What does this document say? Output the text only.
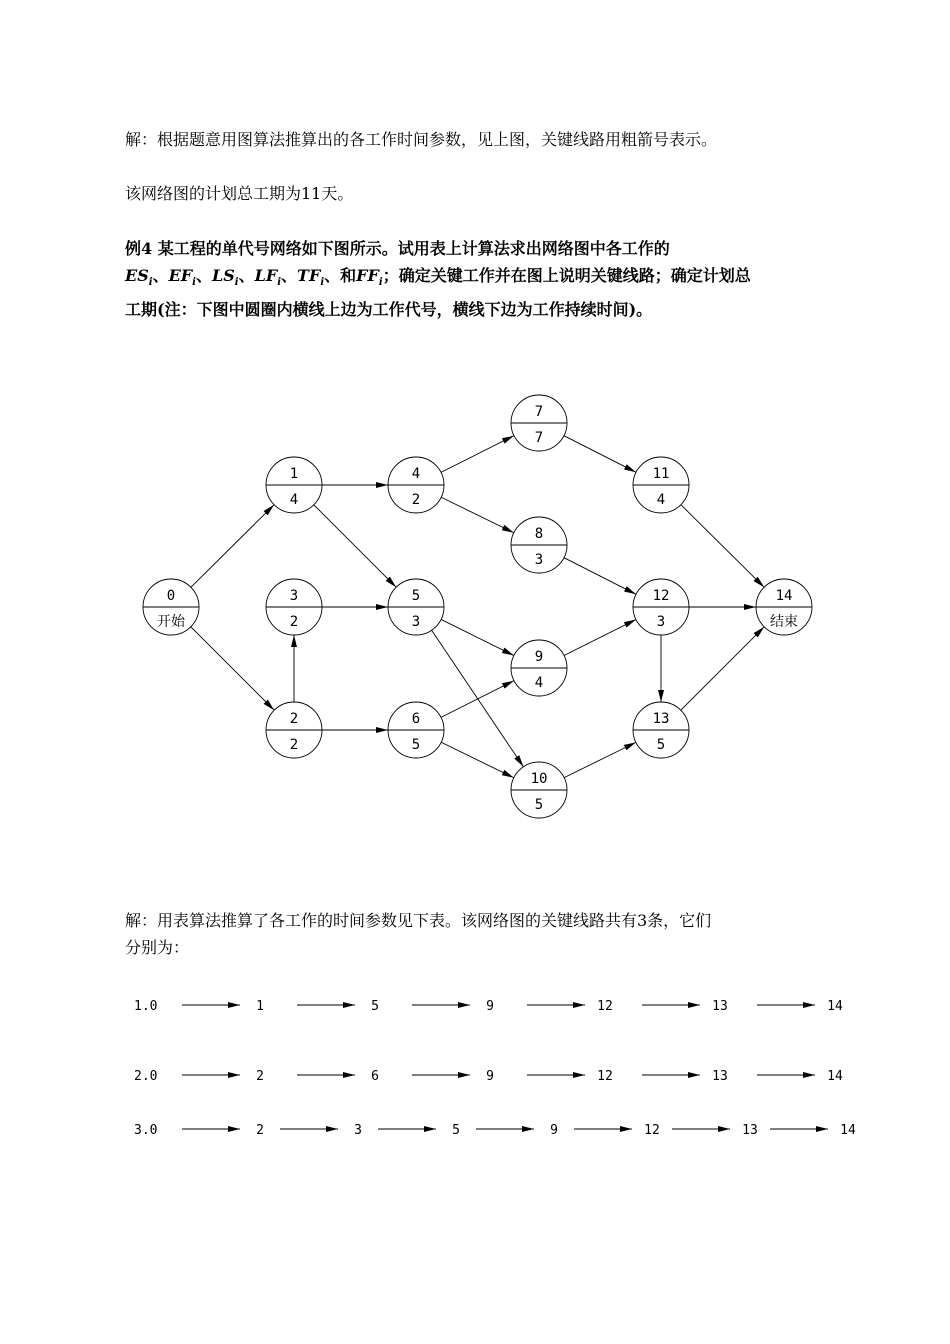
解：根据题意用图算法推算出的各工作时间参数，见上图，关键线路用粗箭号表示。

该网络图的计划总工期为11天。

例4 某工程的单代号网络如下图所示。试用表上计算法求出网络图中各工作的
$ES_i$、$EF_i$、$LS_i$、$LF_i$、$TF_i$、和$FF_i$；确定关键工作并在图上说明关键线路；确定计划总
工期(注：下图中圆圈内横线上边为工作代号，横线下边为工作持续时间)。
0
开始
1
4
2
2
3
2
4
2
5
3
6
5
7
7
8
3
9
4
10
5
11
4
12
3
13
5
14
结束
解：用表算法推算了各工作的时间参数见下表。该网络图的关键线路共有3条，它们
分别为：
1.0	1	5	9	12	13	14
2.0	2	6	9	12	13	14
3.0	2	3	5	9	12	13	14
